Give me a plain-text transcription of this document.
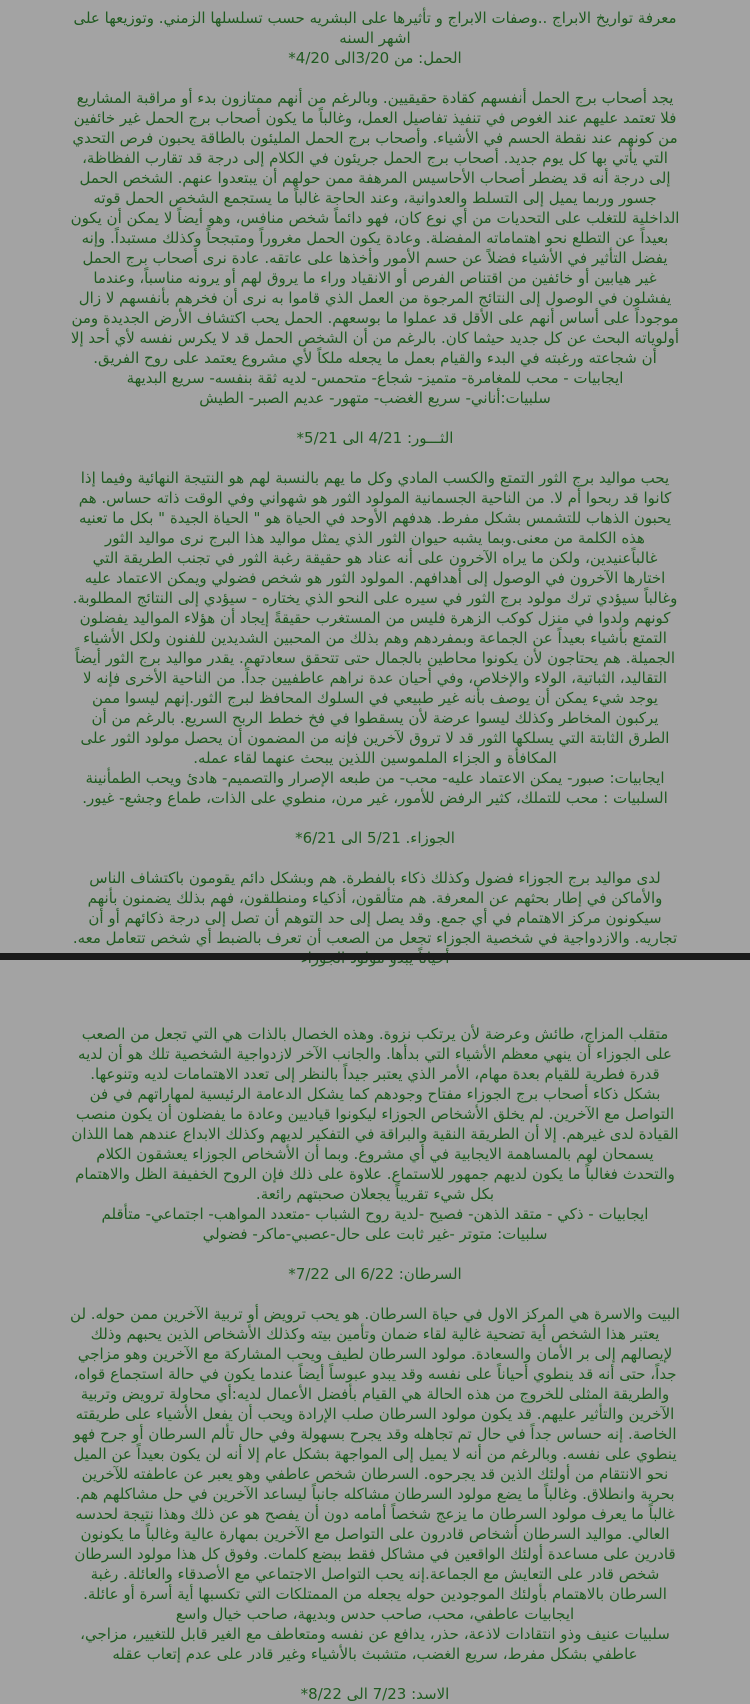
معرفة تواريخ الابراج ..وصفات الابراج و تأثيرها على البشريه حسب تسلسلها الزمني. وتوزيعها على اشهر السنه

الحمل: من 3/20الى 4/20*

يجد أصحاب برج الحمل أنفسهم كقادة حقيقيين. وبالرغم من أنهم ممتازون بدء أو مراقبة المشاريع فلا تعتمد عليهم عند الغوص في تنفيذ تفاصيل العمل، وغالباً ما يكون أصحاب برج الحمل غير خائفين من كونهم عند نقطة الحسم في الأشياء. وأصحاب برج الحمل المليئون بالطاقة يحبون فرص التحدي التي يأتي بها كل يوم جديد. أصحاب برج الحمل جريئون في الكلام إلى درجة قد تقارب الفظاظة، إلى درجة أنه قد يضطر أصحاب الأحاسيس المرهفة ممن حولهم أن يبتعدوا عنهم. الشخص الحمل جسور وربما يميل إلى التسلط والعدوانية، وعند الحاجة غالباً ما يستجمع الشخص الحمل قوته الداخلية للتغلب على التحديات من أي نوع كان، فهو دائماً شخص منافس، وهو أيضاً لا يمكن أن يكون بعيداً عن التطلع نحو اهتماماته المفضلة. وعادة يكون الحمل مغروراً ومتبجحاً وكذلك مستبداً. وإنه يفضل التأثير في الأشياء فضلاً عن حسم الأمور وأخذها على عاتقه. عادة نرى أصحاب برج الحمل غير هيابين أو خائفين من اقتناص الفرص أو الانقياد وراء ما يروق لهم أو يرونه مناسباً، وعندما يفشلون في الوصول إلى النتائج المرجوة من العمل الذي قاموا به نرى أن فخرهم بأنفسهم لا زال موجوداً على أساس أنهم على الأقل قد عملوا ما بوسعهم. الحمل يحب اكتشاف الأرض الجديدة ومن أولوياته البحث عن كل جديد حيثما كان. بالرغم من أن الشخص الحمل قد لا يكرس نفسه لأي أحد إلا أن شجاعته ورغبته في البدء والقيام بعمل ما يجعله ملكاً لأي مشروع يعتمد على روح الفريق.

ايجابيات - محب للمغامرة- متميز- شجاع- متحمس- لديه ثقة بنفسه- سريع البديهة

سلبيات:أناني- سريع الغضب- متهور- عديم الصبر- الطيش

الثـــور: 4/21 الى 5/21*

يحب مواليد برج الثور التمتع والكسب المادي وكل ما يهم بالنسبة لهم هو النتيجة النهائية وفيما إذا كانوا قد ربحوا أم لا. من الناحية الجسمانية المولود الثور هو شهواني وفي الوقت ذاته حساس. هم يحبون الذهاب للتشمس بشكل مفرط. هدفهم الأوحد في الحياة هو " الحياة الجيدة " بكل ما تعنيه هذه الكلمة من معنى.وبما يشبه حيوان الثور الذي يمثل مواليد هذا البرج نرى مواليد الثور غالباًعنيدين، ولكن ما يراه الآخرون على أنه عناد هو حقيقة رغبة الثور في تجنب الطريقة التي اختارها الآخرون في الوصول إلى أهدافهم. المولود الثور هو شخص فضولي ويمكن الاعتماد عليه وغالباً سيؤدي ترك مولود برج الثور في سيره على النحو الذي يختاره - سيؤدي إلى النتائج المطلوبة. كونهم ولدوا في منزل كوكب الزهرة فليس من المستغرب حقيقةً إيجاد أن هؤلاء المواليد يفضلون التمتع بأشياء بعيداً عن الجماعة وبمفردهم وهم بذلك من المحبين الشديدين للفنون ولكل الأشياء الجميلة. هم يحتاجون لأن يكونوا محاطين بالجمال حتى تتحقق سعادتهم. يقدر مواليد برج الثور أيضاً التقاليد، الثباتية، الولاء والإخلاص، وفي أحيان عدة نراهم عاطفيين جداً. من الناحية الأخرى فإنه لا يوجد شيء يمكن أن يوصف بأنه غير طبيعي في السلوك المحافظ لبرج الثور.إنهم ليسوا ممن يركبون المخاطر وكذلك ليسوا عرضة لأن يسقطوا في فخ خطط الربح السريع. بالرغم من أن الطرق الثابتة التي يسلكها الثور قد لا تروق لآخرين فإنه من المضمون أن يحصل مولود الثور على المكافأة و الجزاء الملموسين اللذين يبحث عنهما لقاء عمله.

ايجابيات: صبور- يمكن الاعتماد عليه- محب- من طبعه الإصرار والتصميم- هادئ ويحب الطمأنينة

السلبيات : محب للتملك، كثير الرفض للأمور، غير مرن، منطوي على الذات، طماع وجشع- غيور.

الجوزاء. 5/21 الى 6/21*

لدى مواليد برج الجوزاء فضول وكذلك ذكاء بالفطرة. هم وبشكل دائم يقومون باكتشاف الناس والأماكن في إطار بحثهم عن المعرفة. هم متألقون، أذكياء ومنطلقون، فهم بذلك يضمنون بأنهم سيكونون مركز الاهتمام في أي جمع. وقد يصل إلى حد التوهم أن تصل إلى درجة ذكائهم أو أن تجاريه. والازدواجية في شخصية الجوزاء تجعل من الصعب أن تعرف بالضبط أي شخص تتعامل معه.

متقلب المزاج، طائش وعرضة لأن يرتكب نزوة. وهذه الخصال بالذات هي التي تجعل من الصعب على الجوزاء أن ينهي معظم الأشياء التي بدأها. والجانب الآخر لازدواجية الشخصية تلك هو أن لديه قدرة فطرية للقيام بعدة مهام، الأمر الذي يعتبر جيداً بالنظر إلى تعدد الاهتمامات لديه وتنوعها. بشكل ذكاء أصحاب برج الجوزاء مفتاح وجودهم كما يشكل الدعامة الرئيسية لمهاراتهم في فن التواصل مع الآخرين. لم يخلق الأشخاص الجوزاء ليكونوا قياديين وعادة ما يفضلون أن يكون منصب القيادة لدى غيرهم. إلا أن الطريقة النقية والبراقة في التفكير لديهم وكذلك الابداع عندهم هما اللذان يسمحان لهم بالمساهمة الايجابية في أي مشروع. وبما أن الأشخاص الجوزاء يعشقون الكلام والتحدث فغالباً ما يكون لديهم جمهور للاستماع. علاوة على ذلك فإن الروح الخفيفة الظل والاهتمام بكل شيء تقريباً يجعلان صحبتهم رائعة.

ايجابيات - ذكي - متقد الذهن- فصيح -لدية روح الشباب -متعدد المواهب- اجتماعي- متأقلم

سلبيات: متوتر -غير ثابت على حال-عصبي-ماكر- فضولي

السرطان: 6/22 الى 7/22*

البيت والاسرة هي المركز الاول في حياة السرطان. هو يحب ترويض أو تربية الآخرين ممن حوله. لن يعتبر هذا الشخص أية تضحية غالية لقاء ضمان وتأمين بيته وكذلك الأشخاص الذين يحبهم وذلك لإيصالهم إلى بر الأمان والسعادة. مولود السرطان لطيف ويحب المشاركة مع الآخرين وهو مزاجي جداً، حتى أنه قد ينطوي أحياناً على نفسه وقد يبدو عبوساً أيضاً عندما يكون في حالة استجماع قواه، والطريقة المثلى للخروج من هذه الحالة هي القيام بأفضل الأعمال لديه:أي محاولة ترويض وتربية الآخرين والتأثير عليهم. قد يكون مولود السرطان صلب الإرادة ويحب أن يفعل الأشياء على طريقته الخاصة. إنه حساس جداً في حال تم تجاهله وقد يجرح بسهولة وفي حال تألم السرطان أو جرح فهو ينطوي على نفسه. وبالرغم من أنه لا يميل إلى المواجهة بشكل عام إلا أنه لن يكون بعيداً عن الميل نحو الانتقام من أولئك الذين قد يجرحوه. السرطان شخص عاطفي وهو يعبر عن عاطفته للآخرين بحرية وانطلاق. وغالباً ما يضع مولود السرطان مشاكله جانباً ليساعد الآخرين في حل مشاكلهم هم. غالباً ما يعرف مولود السرطان ما يزعج شخصاً أمامه دون أن يفصح هو عن ذلك وهذا نتيجة لحدسه العالي. مواليد السرطان أشخاص قادرون على التواصل مع الآخرين بمهارة عالية وغالباً ما يكونون قادرين على مساعدة أولئك الواقعين في مشاكل فقط ببضع كلمات. وفوق كل هذا مولود السرطان شخص قادر على التعايش مع الجماعة.إنه يحب التواصل الاجتماعي مع الأصدقاء والعائلة. رغبة السرطان بالاهتمام بأولئك الموجودين حوله يجعله من الممتلكات التي تكسبها أية أسرة أو عائلة.

ايجابيات عاطفي، محب، صاحب حدس وبديهة، صاحب خيال واسع

سلبيات عنيف وذو انتقادات لاذعة، حذر، يدافع عن نفسه ومتعاطف مع الغير قابل للتغيير، مزاجي، عاطفي بشكل مفرط، سريع الغضب، متشبث بالأشياء وغير قادر على عدم إتعاب عقله

الاسد: 7/23 الى 8/22*
